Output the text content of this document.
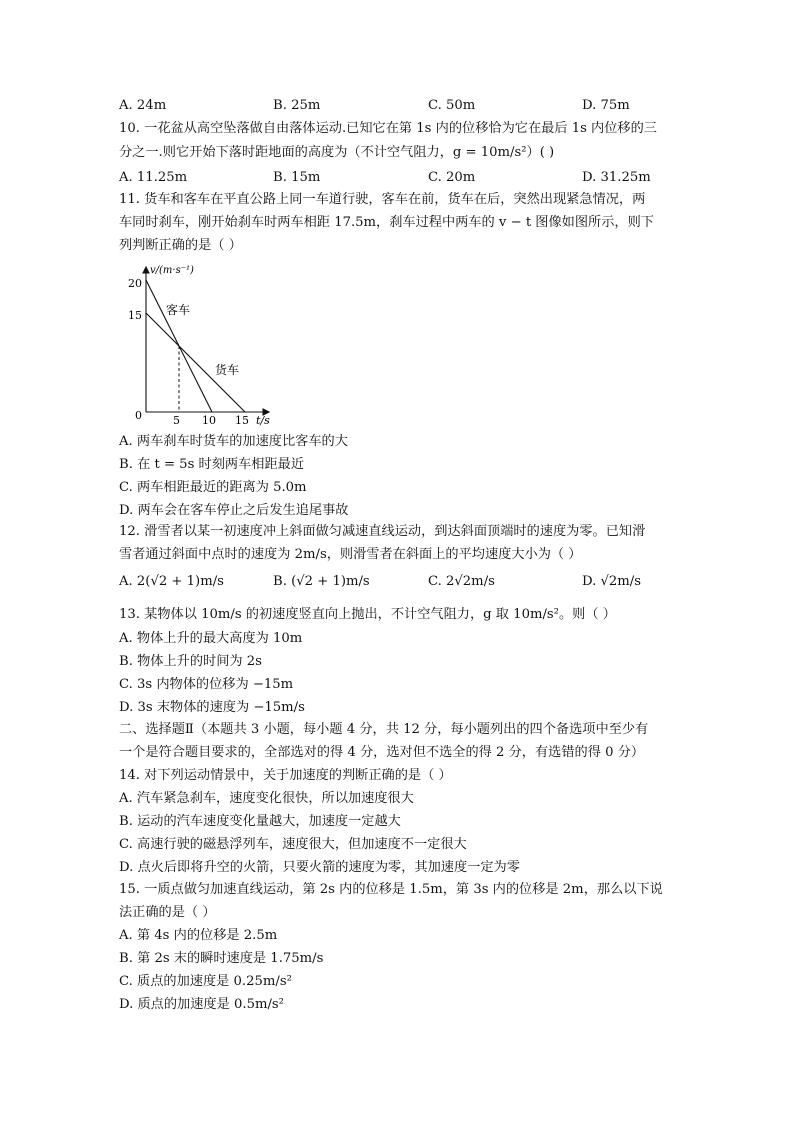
A. 24m	B. 25m	C. 50m	D. 75m
10. 一花盆从高空坠落做自由落体运动.已知它在第 1s 内的位移恰为它在最后 1s 内位移的三
分之一.则它开始下落时距地面的高度为（不计空气阻力，g = 10m/s²）( )
A. 11.25m	B. 15m	C. 20m	D. 31.25m
11. 货车和客车在平直公路上同一车道行驶，客车在前，货车在后，突然出现紧急情况，两
车同时刹车，刚开始刹车时两车相距 17.5m，刹车过程中两车的 v − t 图像如图所示，则下
列判断正确的是（ ）
v/(m·s⁻¹)
t/s
20
15
0	5 10 15
客车
货车
A. 两车刹车时货车的加速度比客车的大
B. 在 t = 5s 时刻两车相距最近
C. 两车相距最近的距离为 5.0m
D. 两车会在客车停止之后发生追尾事故
12. 滑雪者以某一初速度冲上斜面做匀减速直线运动，到达斜面顶端时的速度为零。已知滑
雪者通过斜面中点时的速度为 2m/s，则滑雪者在斜面上的平均速度大小为（ ）
A. 2(√2 + 1)m/s	B. (√2 + 1)m/s	C. 2√2m/s	D. √2m/s
13. 某物体以 10m/s 的初速度竖直向上抛出，不计空气阻力，g 取 10m/s²。则（ ）
A. 物体上升的最大高度为 10m
B. 物体上升的时间为 2s
C. 3s 内物体的位移为 −15m
D. 3s 末物体的速度为 −15m/s
二、选择题Ⅱ（本题共 3 小题，每小题 4 分，共 12 分，每小题列出的四个备选项中至少有
一个是符合题目要求的，全部选对的得 4 分，选对但不选全的得 2 分，有选错的得 0 分）
14. 对下列运动情景中，关于加速度的判断正确的是（ ）
A. 汽车紧急刹车，速度变化很快，所以加速度很大
B. 运动的汽车速度变化量越大，加速度一定越大
C. 高速行驶的磁悬浮列车，速度很大，但加速度不一定很大
D. 点火后即将升空的火箭，只要火箭的速度为零，其加速度一定为零
15. 一质点做匀加速直线运动，第 2s 内的位移是 1.5m，第 3s 内的位移是 2m，那么以下说
法正确的是（ ）
A. 第 4s 内的位移是 2.5m
B. 第 2s 末的瞬时速度是 1.75m/s
C. 质点的加速度是 0.25m/s²
D. 质点的加速度是 0.5m/s²
